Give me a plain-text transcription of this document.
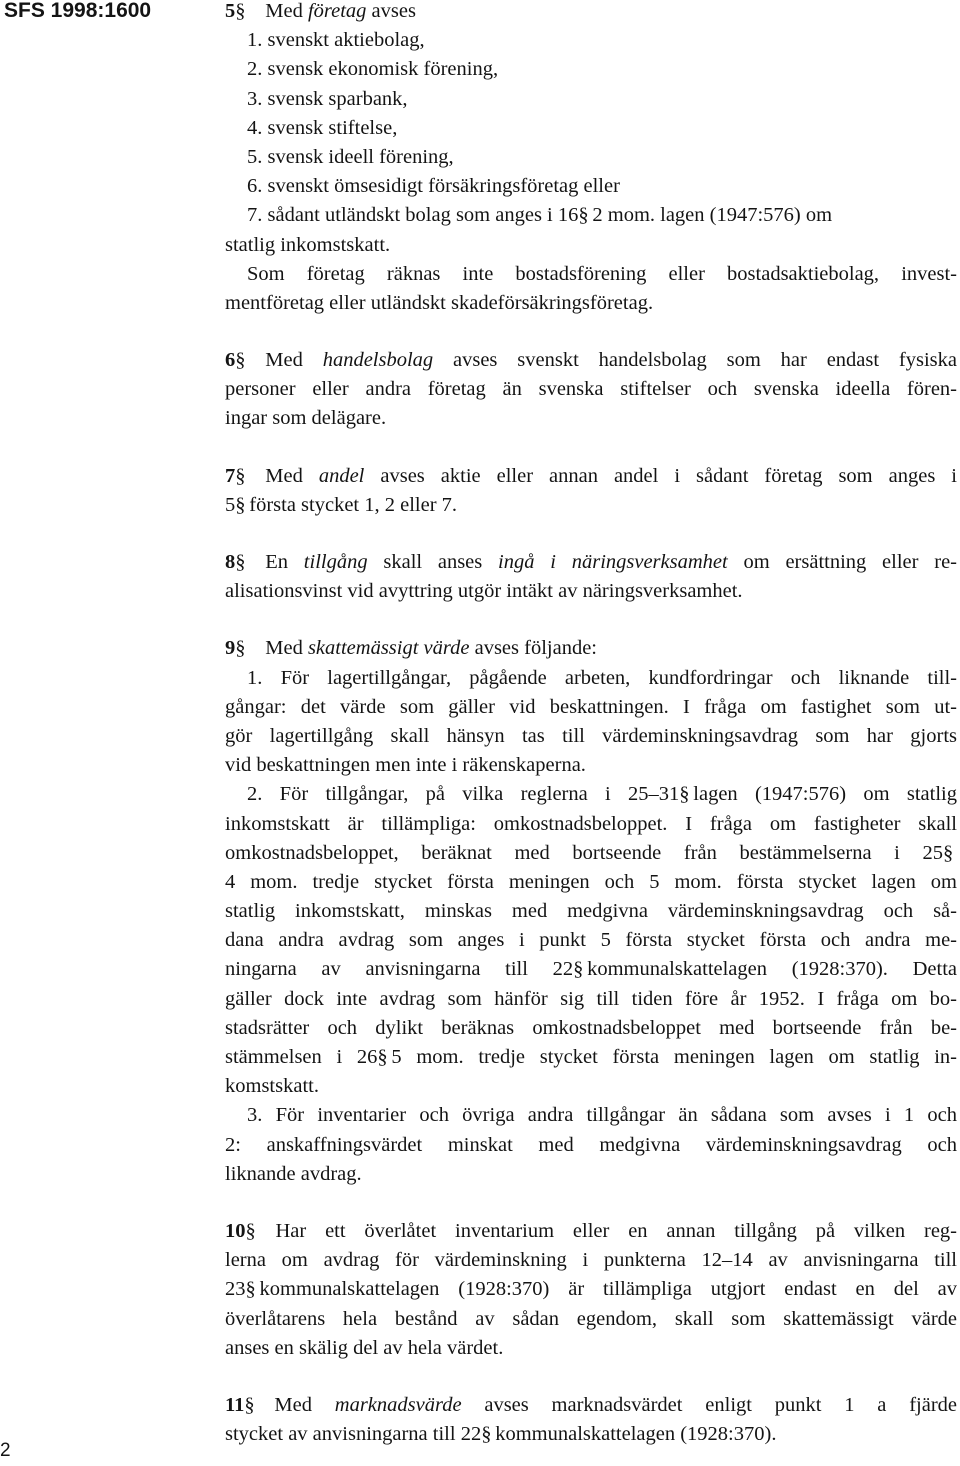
SFS 1998:1600
2
5§ Med företag avses
1. svenskt aktiebolag,
2. svensk ekonomisk förening,
3. svensk sparbank,
4. svensk stiftelse,
5. svensk ideell förening,
6. svenskt ömsesidigt försäkringsföretag eller
7. sådant utländskt bolag som anges i 16§ 2 mom. lagen (1947:576) om
statlig inkomstskatt.
Som företag räknas inte bostadsförening eller bostadsaktiebolag, invest-
mentföretag eller utländskt skadeförsäkringsföretag.
6§ Med handelsbolag avses svenskt handelsbolag som har endast fysiska
personer eller andra företag än svenska stiftelser och svenska ideella fören-
ingar som delägare.
7§ Med andel avses aktie eller annan andel i sådant företag som anges i
5§ första stycket 1, 2 eller 7.
8§ En tillgång skall anses ingå i näringsverksamhet om ersättning eller re-
alisationsvinst vid avyttring utgör intäkt av näringsverksamhet.
9§ Med skattemässigt värde avses följande:
1. För lagertillgångar, pågående arbeten, kundfordringar och liknande till-
gångar: det värde som gäller vid beskattningen. I fråga om fastighet som ut-
gör lagertillgång skall hänsyn tas till värdeminskningsavdrag som har gjorts
vid beskattningen men inte i räkenskaperna.
2. För tillgångar, på vilka reglerna i 25–31§ lagen (1947:576) om statlig
inkomstskatt är tillämpliga: omkostnadsbeloppet. I fråga om fastigheter skall
omkostnadsbeloppet, beräknat med bortseende från bestämmelserna i 25§
4 mom. tredje stycket första meningen och 5 mom. första stycket lagen om
statlig inkomstskatt, minskas med medgivna värdeminskningsavdrag och så-
dana andra avdrag som anges i punkt 5 första stycket första och andra me-
ningarna av anvisningarna till 22§ kommunalskattelagen (1928:370). Detta
gäller dock inte avdrag som hänför sig till tiden före år 1952. I fråga om bo-
stadsrätter och dylikt beräknas omkostnadsbeloppet med bortseende från be-
stämmelsen i 26§ 5 mom. tredje stycket första meningen lagen om statlig in-
komstskatt.
3. För inventarier och övriga andra tillgångar än sådana som avses i 1 och
2: anskaffningsvärdet minskat med medgivna värdeminskningsavdrag och
liknande avdrag.
10§ Har ett överlåtet inventarium eller en annan tillgång på vilken reg-
lerna om avdrag för värdeminskning i punkterna 12–14 av anvisningarna till
23§ kommunalskattelagen (1928:370) är tillämpliga utgjort endast en del av
överlåtarens hela bestånd av sådan egendom, skall som skattemässigt värde
anses en skälig del av hela värdet.
11§ Med marknadsvärde avses marknadsvärdet enligt punkt 1 a fjärde
stycket av anvisningarna till 22§ kommunalskattelagen (1928:370).
